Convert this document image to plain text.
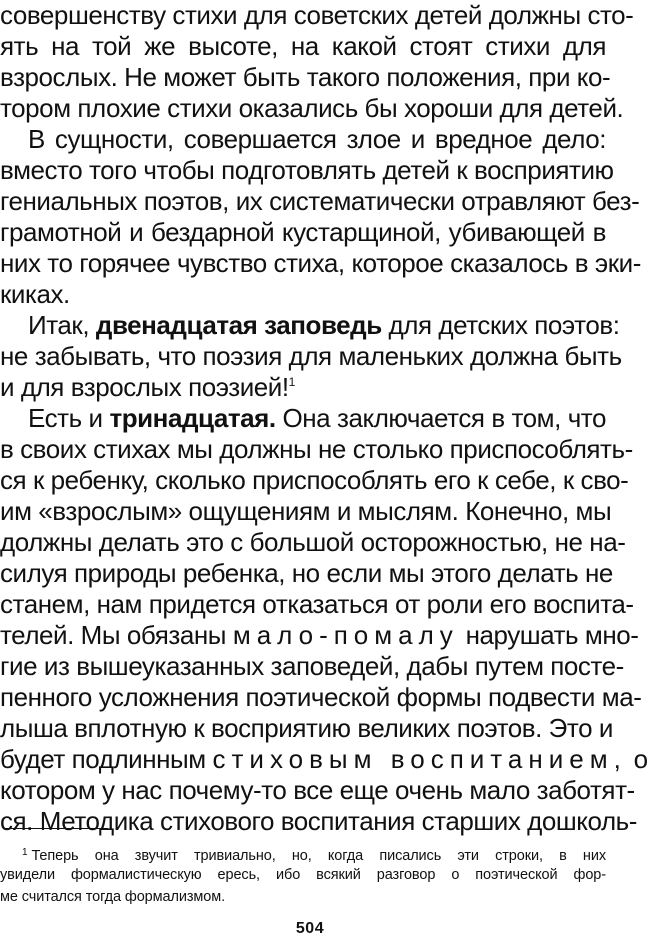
совершенству стихи для советских детей должны сто-
ять на той же высоте, на какой стоят стихи для
взрослых. Не может быть такого положения, при ко-
тором плохие стихи оказались бы хороши для детей.
В сущности, совершается злое и вредное дело:
вместо того чтобы подготовлять детей к восприятию
гениальных поэтов, их систематически отравляют без-
грамотной и бездарной кустарщиной, убивающей в
них то горячее чувство стиха, которое сказалось в эки-
киках.
Итак, двенадцатая заповедь для детских поэтов:
не забывать, что поэзия для маленьких должна быть
и для взрослых поэзией!$^1$
Есть и тринадцатая. Она заключается в том, что
в своих стихах мы должны не столько приспособлять-
ся к ребенку, сколько приспособлять его к себе, к сво-
им «взрослым» ощущениям и мыслям. Конечно, мы
должны делать это с большой осторожностью, не на-
силуя природы ребенка, но если мы этого делать не
станем, нам придется отказаться от роли его воспита-
телей. Мы обязаны мало-помалу нарушать мно-
гие из вышеуказанных заповедей, дабы путем посте-
пенного усложнения поэтической формы подвести ма-
лыша вплотную к восприятию великих поэтов. Это и
будет подлинным стиховым воспитанием, о
котором у нас почему-то все еще очень мало заботят-
ся. Методика стихового воспитания старших дошколь-
$^1$ Теперь она звучит тривиально, но, когда писались эти строки, в них
увидели формалистическую ересь, ибо всякий разговор о поэтической фор-
ме считался тогда формализмом.
504
